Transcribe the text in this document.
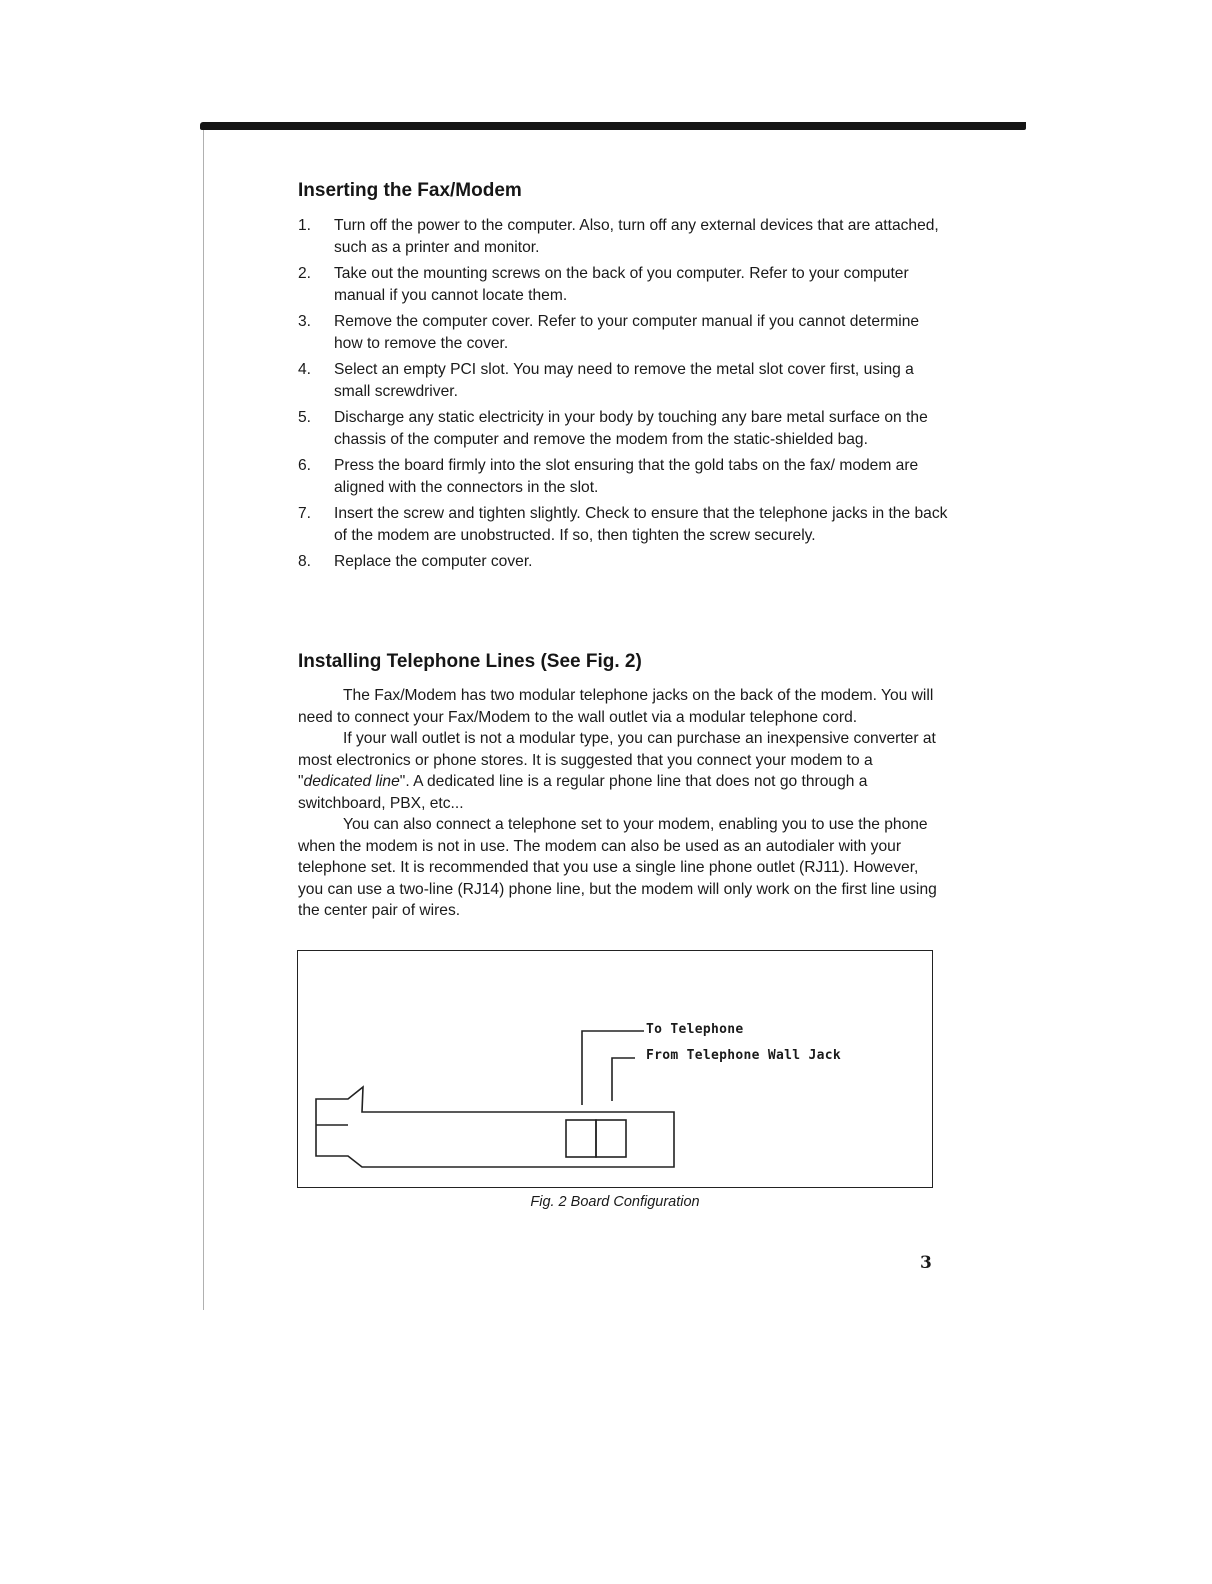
Inserting the Fax/Modem
1. Turn off the power to the computer. Also, turn off any external devices that are attached, such as a printer and monitor.
2. Take out the mounting screws on the back of you computer. Refer to your computer manual if you cannot locate them.
3. Remove the computer cover. Refer to your computer manual if you cannot determine how to remove the cover.
4. Select an empty PCI slot. You may need to remove the metal slot cover first, using a small screwdriver.
5. Discharge any static electricity in your body by touching any bare metal surface on the chassis of the computer and remove the modem from the static-shielded bag.
6. Press the board firmly into the slot ensuring that the gold tabs on the fax/ modem are aligned with the connectors in the slot.
7. Insert the screw and tighten slightly. Check to ensure that the telephone jacks in the back of the modem are unobstructed. If so, then tighten the screw securely.
8. Replace the computer cover.
Installing Telephone Lines (See Fig. 2)

The Fax/Modem has two modular telephone jacks on the back of the modem. You will need to connect your Fax/Modem to the wall outlet via a modular telephone cord.

If your wall outlet is not a modular type, you can purchase an inexpensive converter at most electronics or phone stores. It is suggested that you connect your modem to a "dedicated line". A dedicated line is a regular phone line that does not go through a switchboard, PBX, etc...

You can also connect a telephone set to your modem, enabling you to use the phone when the modem is not in use. The modem can also be used as an autodialer with your telephone set. It is recommended that you use a single line phone outlet (RJ11). However, you can use a two-line (RJ14) phone line, but the modem will only work on the first line using the center pair of wires.

To Telephone
From Telephone Wall Jack
Fig. 2 Board Configuration
3
